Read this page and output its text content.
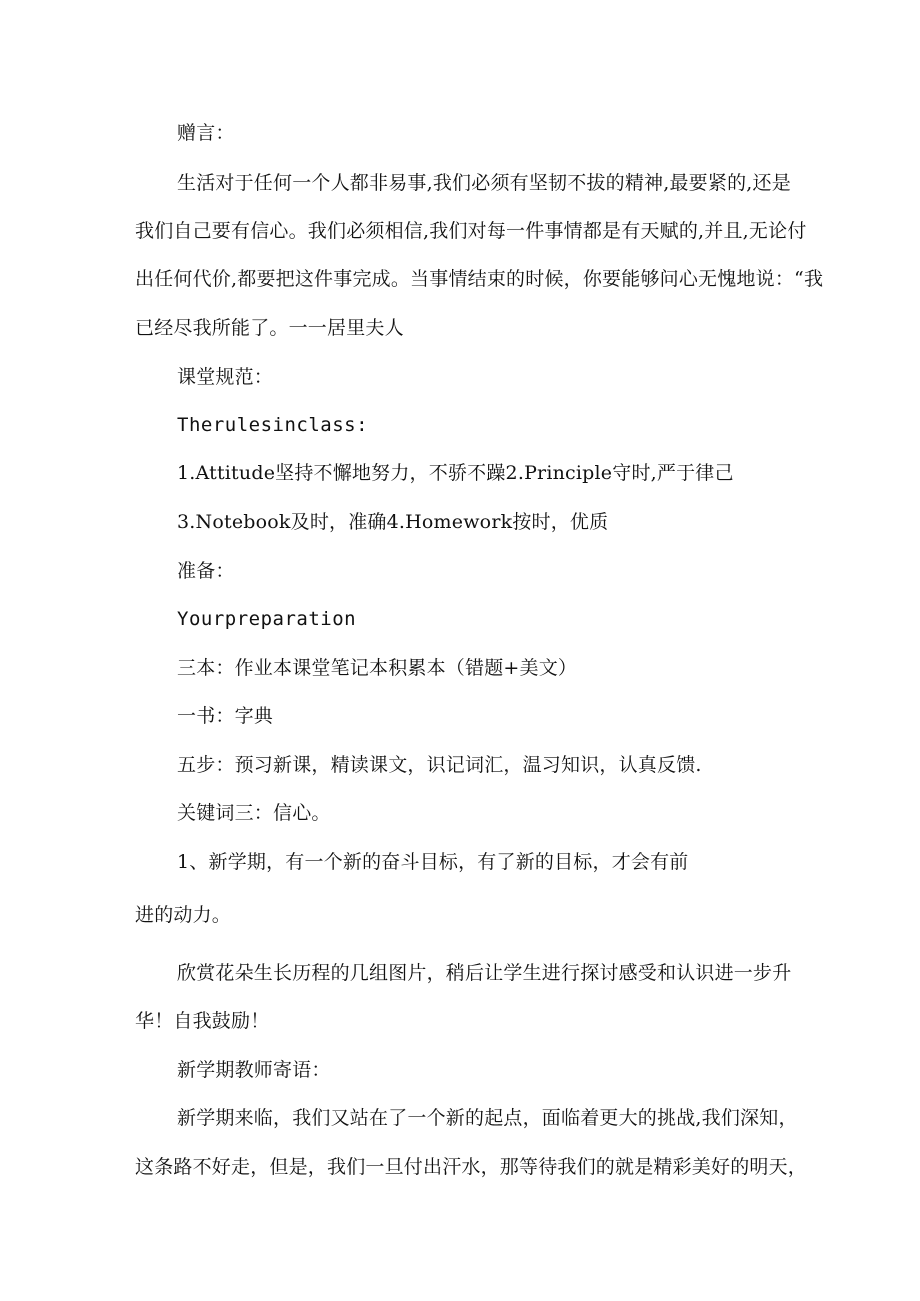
赠言：
生活对于任何一个人都非易事,我们必须有坚韧不拔的精神,最要紧的,还是
我们自己要有信心。我们必须相信,我们对每一件事情都是有天赋的,并且,无论付
出任何代价,都要把这件事完成。当事情结束的时候，你要能够问心无愧地说：“我
已经尽我所能了。一一居里夫人
课堂规范：
Therulesinclass:
1.Attitude坚持不懈地努力，不骄不躁2.Principle守时,严于律己
3.Notebook及时，准确4.Homework按时，优质
准备：
Yourpreparation
三本：作业本课堂笔记本积累本（错题+美文）
一书：字典
五步：预习新课，精读课文，识记词汇，温习知识，认真反馈.
关键词三：信心。
1、新学期，有一个新的奋斗目标，有了新的目标，才会有前
进的动力。
欣赏花朵生长历程的几组图片，稍后让学生进行探讨感受和认识进一步升
华！自我鼓励！
新学期教师寄语：
新学期来临，我们又站在了一个新的起点，面临着更大的挑战,我们深知，
这条路不好走，但是，我们一旦付出汗水，那等待我们的就是精彩美好的明天，
